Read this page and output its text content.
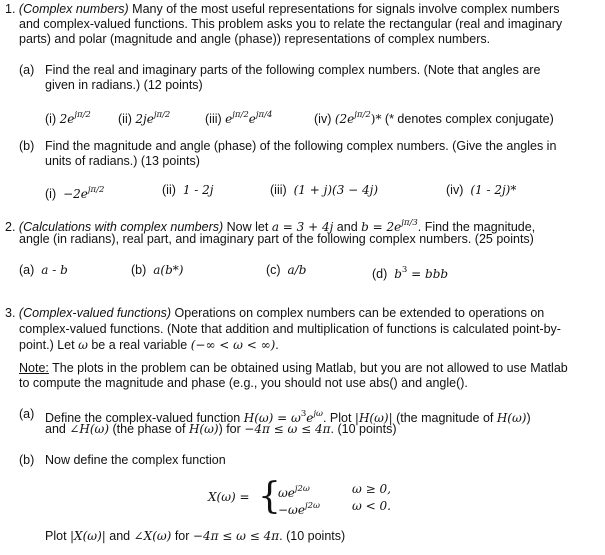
1. (Complex numbers) Many of the most useful representations for signals involve complex numbers
and complex-valued functions. This problem asks you to relate the rectangular (real and imaginary
parts) and polar (magnitude and angle (phase)) representations of complex numbers.
(a) Find the real and imaginary parts of the following complex numbers. (Note that angles are
given in radians.) (12 points)
(i) $2e^{j\pi/2}$ (ii) $2je^{j\pi/2}$	(iii) $e^{j\pi/2}e^{j\pi/4}$	(iv) $(2e^{j\pi/2})*$ (* denotes complex conjugate)
(b) Find the magnitude and angle (phase) of the following complex numbers. (Give the angles in
units of radians.) (13 points)
$(i) -2e^{j\pi/2}$	(ii) 1 - 2j	(iii) (1 + j)(3 − 4j)	(iv) (1 - 2j)*
2. (Calculations with complex numbers) Now let a = 3 + 4j and $b = 2e^{j\pi/3}$. Find the magnitude,
angle (in radians), real part, and imaginary part of the following complex numbers. (25 points)
(a) a - b	(b) a(b*)	(c) a/b	(d) $b^3$ = bbb
3. (Complex-valued functions) Operations on complex numbers can be extended to operations on
complex-valued functions. (Note that addition and multiplication of functions is calculated point-by-
point.) Let ω be a real variable (−∞ < ω < ∞).
Note: The plots in the problem can be obtained using Matlab, but you are not allowed to use Matlab
to compute the magnitude and phase (e.g., you should not use abs() and angle().
(a) Define the complex-valued function $H(\omega) = \omega^3e^{j\omega}$. Plot |H(ω)| (the magnitude of H(ω))
and ∠H(ω) (the phase of H(ω)) for −4π ≤ ω ≤ 4π. (10 points)
(b) Now define the complex function
X(ω) = {
$\omega e^{j2\omega}$
$-\omega e^{j2\omega}$
ω ≥ 0,
ω < 0.
Plot |X(ω)| and ∠X(ω) for −4π ≤ ω ≤ 4π. (10 points)
